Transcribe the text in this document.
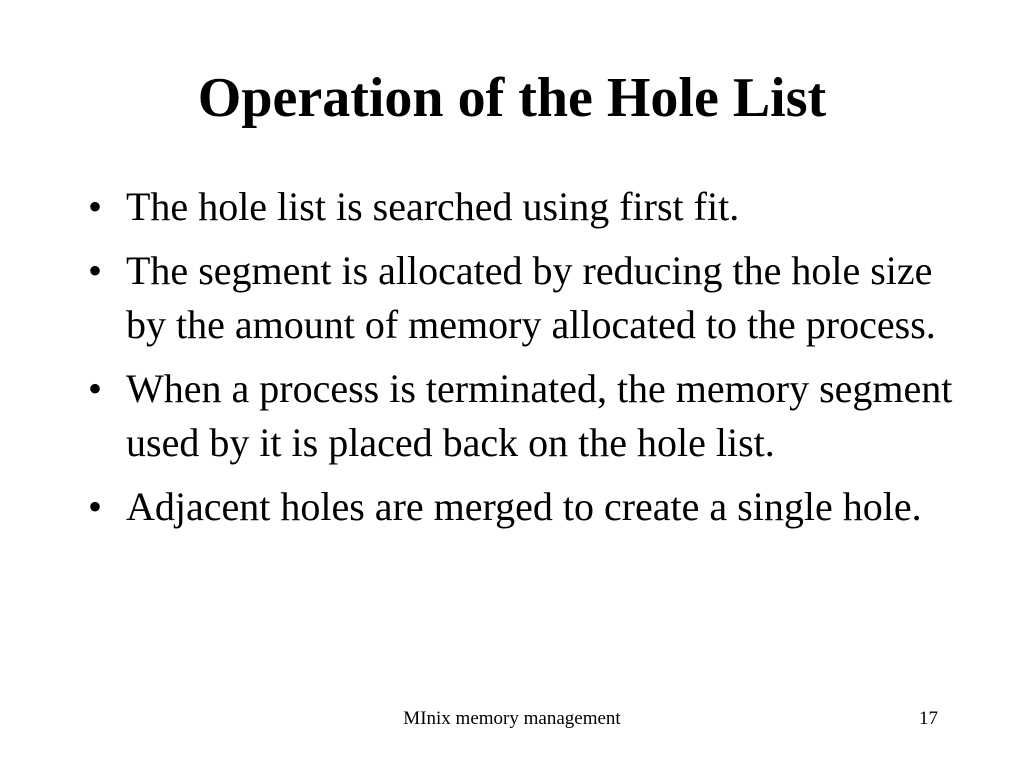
Operation of the Hole List
• The hole list is searched using first fit.
• The segment is allocated by reducing the hole size by the amount of memory allocated to the process.
• When a process is terminated, the memory segment used by it is placed back on the hole list.
• Adjacent holes are merged to create a single hole.
MInix memory management	17
